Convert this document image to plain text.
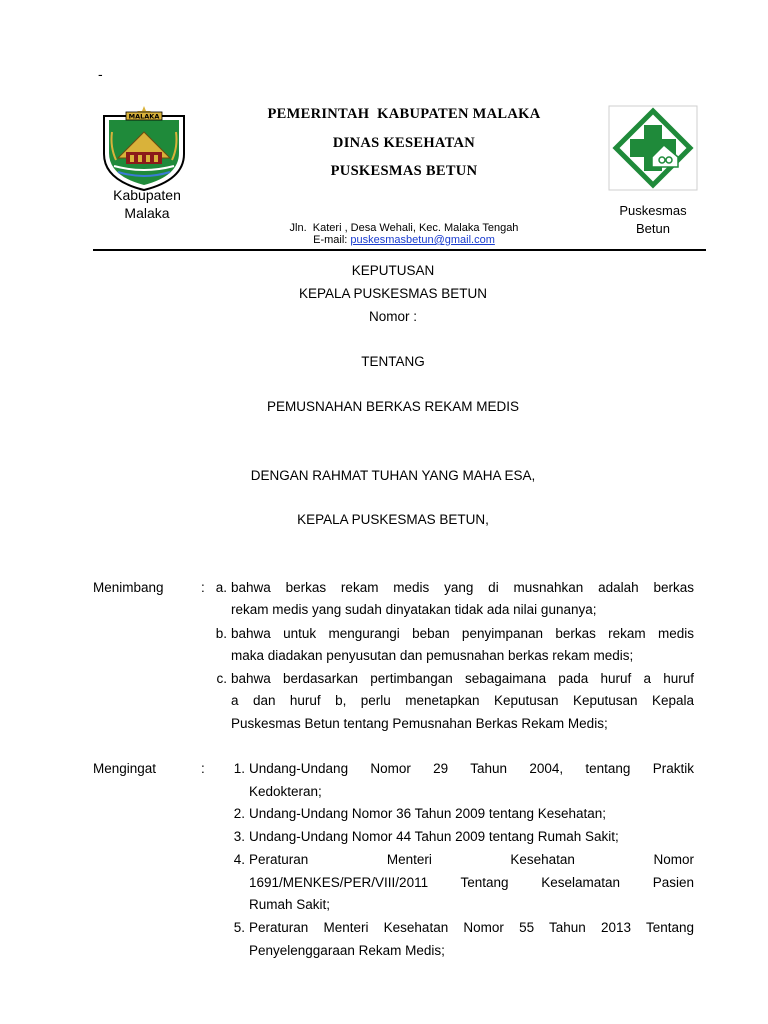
-
MALAKA
Kabupaten
Malaka
PEMERINTAH  KABUPATEN MALAKA
DINAS KESEHATAN
PUSKESMAS BETUN
Puskesmas
Betun
Jln.  Kateri , Desa Wehali, Kec. Malaka Tengah
E-mail: puskesmasbetun@gmail.com
KEPUTUSAN
KEPALA PUSKESMAS BETUN
Nomor :
TENTANG
PEMUSNAHAN BERKAS REKAM MEDIS
DENGAN RAHMAT TUHAN YANG MAHA ESA,
KEPALA PUSKESMAS BETUN,
Menimbang	: a. bahwa berkas rekam medis yang di musnahkan adalah berkas
rekam medis yang sudah dinyatakan tidak ada nilai gunanya;
b. bahwa untuk mengurangi beban penyimpanan berkas rekam medis
maka diadakan penyusutan dan pemusnahan berkas rekam medis;
c. bahwa berdasarkan pertimbangan sebagaimana pada huruf a huruf
a dan huruf b, perlu menetapkan Keputusan Keputusan Kepala
Puskesmas Betun tentang Pemusnahan Berkas Rekam Medis;
Mengingat	:	1. Undang-Undang Nomor 29 Tahun 2004, tentang Praktik
Kedokteran;
2. Undang-Undang Nomor 36 Tahun 2009 tentang Kesehatan;
3. Undang-Undang Nomor 44 Tahun 2009 tentang Rumah Sakit;
4. Peraturan Menteri Kesehatan Nomor
1691/MENKES/PER/VIII/2011 Tentang Keselamatan Pasien
Rumah Sakit;
5. Peraturan Menteri Kesehatan Nomor 55 Tahun 2013 Tentang
Penyelenggaraan Rekam Medis;
